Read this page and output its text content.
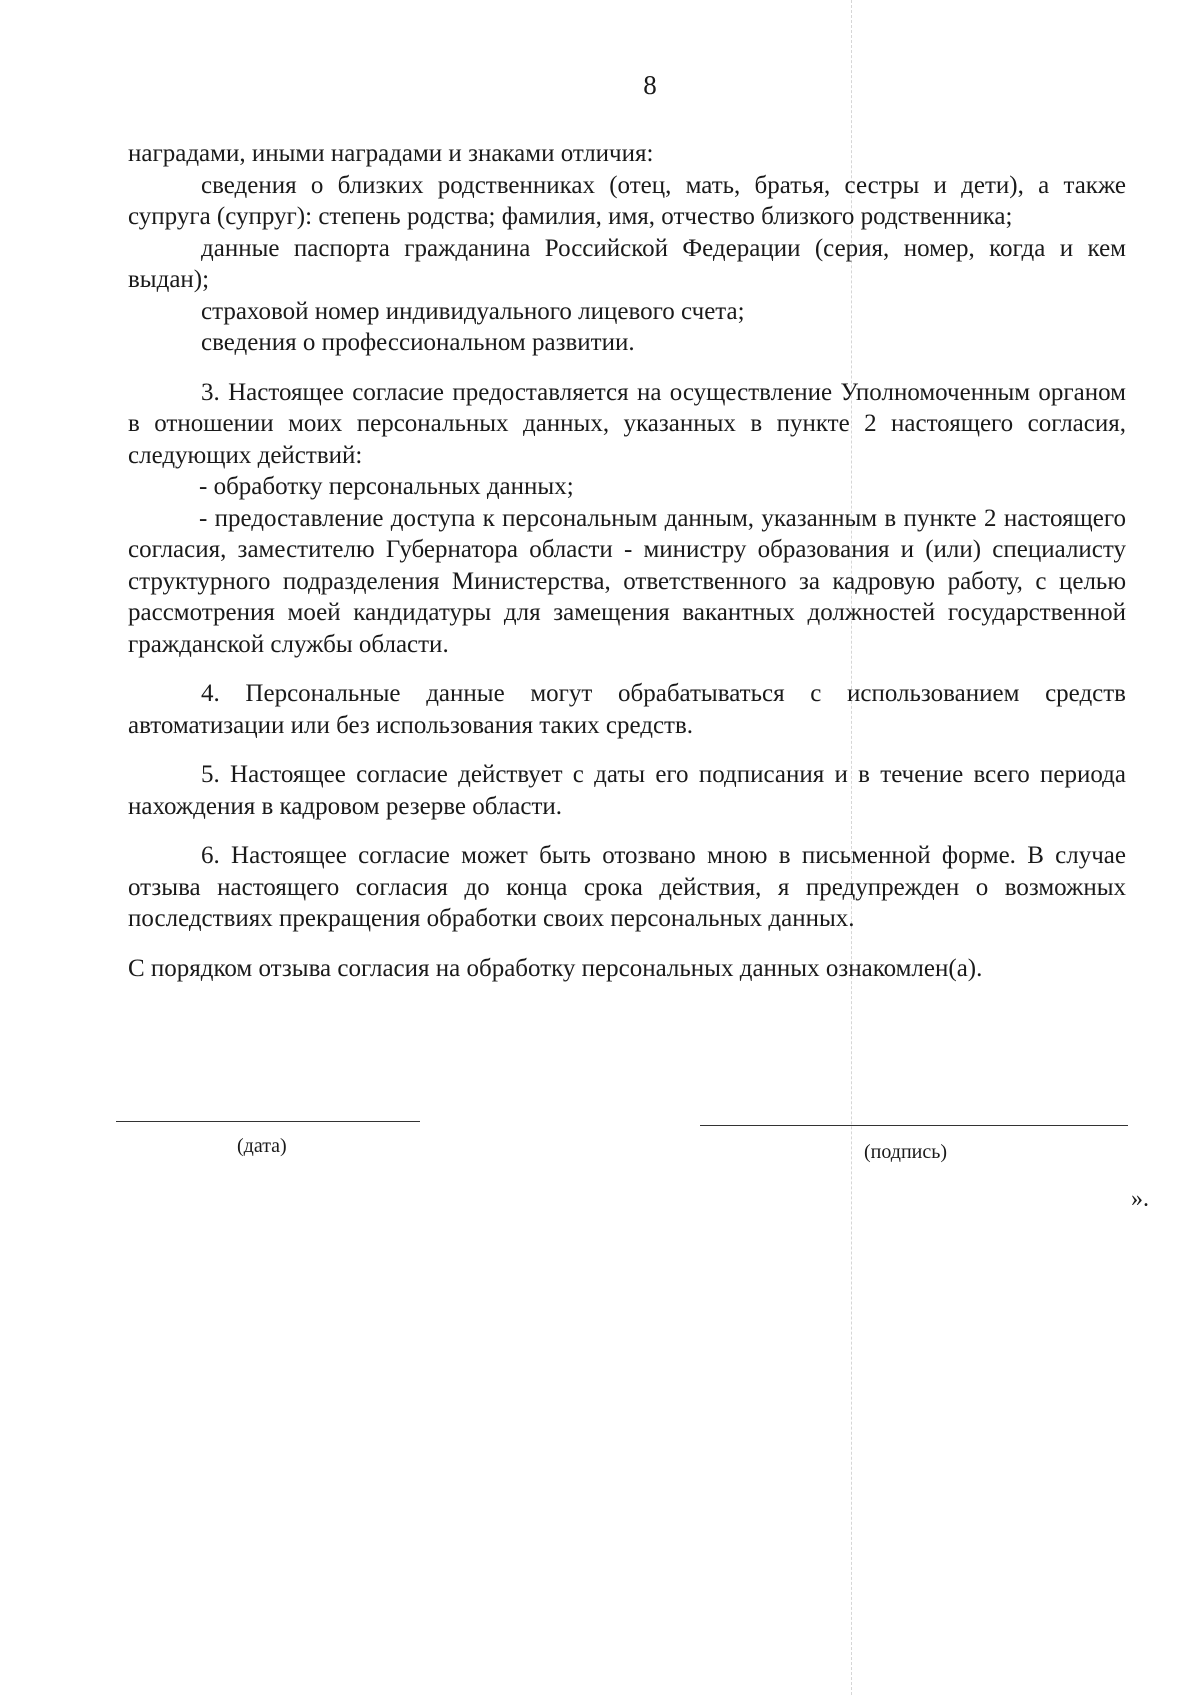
8

наградами, иными наградами и знаками отличия:

сведения о близких родственниках (отец, мать, братья, сестры и дети), а также супруга (супруг): степень родства; фамилия, имя, отчество близкого родственника;

данные паспорта гражданина Российской Федерации (серия, номер, когда и кем выдан);

страховой номер индивидуального лицевого счета;

сведения о профессиональном развитии.

3. Настоящее согласие предоставляется на осуществление Уполномоченным органом в отношении моих персональных данных, указанных в пункте 2 настоящего согласия, следующих действий:

- обработку персональных данных;

- предоставление доступа к персональным данным, указанным в пункте 2 настоящего согласия, заместителю Губернатора области - министру образования и (или) специалисту структурного подразделения Министерства, ответственного за кадровую работу, с целью рассмотрения моей кандидатуры для замещения вакантных должностей государственной гражданской службы области.

4. Персональные данные могут обрабатываться с использованием средств автоматизации или без использования таких средств.

5. Настоящее согласие действует с даты его подписания и в течение всего периода нахождения в кадровом резерве области.

6. Настоящее согласие может быть отозвано мною в письменной форме. В случае отзыва настоящего согласия до конца срока действия, я предупрежден о возможных последствиях прекращения обработки своих персональных данных.

С порядком отзыва согласия на обработку персональных данных ознакомлен(а).

(дата)	(подпись)
».
